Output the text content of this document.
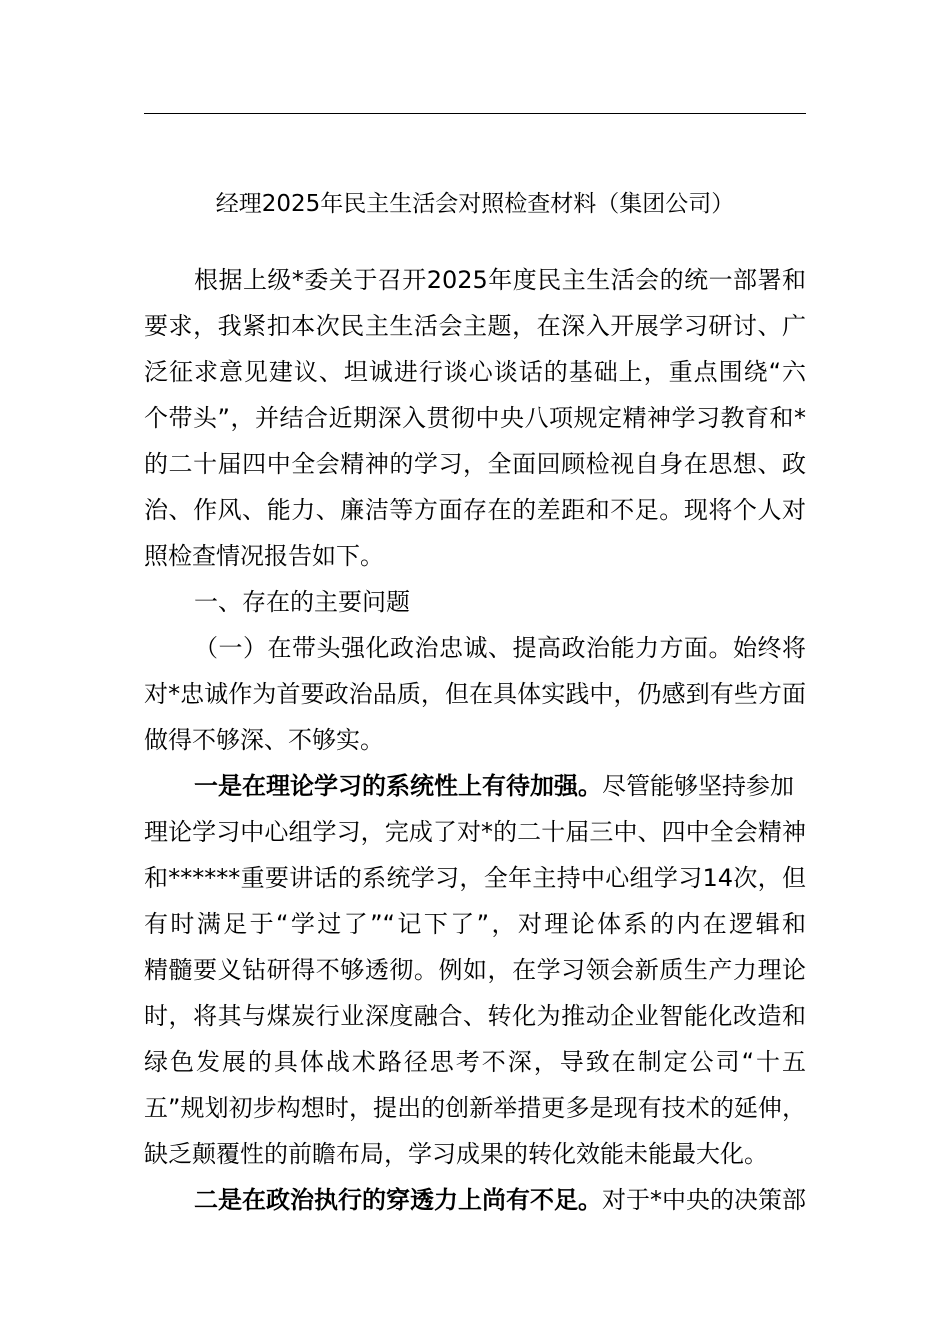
经理2025年民主生活会对照检查材料（集团公司）
根据上级*委关于召开2025年度民主生活会的统一部署和
要求，我紧扣本次民主生活会主题，在深入开展学习研讨、广
泛征求意见建议、坦诚进行谈心谈话的基础上，重点围绕“六
个带头”，并结合近期深入贯彻中央八项规定精神学习教育和*
的二十届四中全会精神的学习，全面回顾检视自身在思想、政
治、作风、能力、廉洁等方面存在的差距和不足。现将个人对
照检查情况报告如下。
一、存在的主要问题
（一）在带头强化政治忠诚、提高政治能力方面。始终将
对*忠诚作为首要政治品质，但在具体实践中，仍感到有些方面
做得不够深、不够实。
一是在理论学习的系统性上有待加强。尽管能够坚持参加
理论学习中心组学习，完成了对*的二十届三中、四中全会精神
和******重要讲话的系统学习，全年主持中心组学习14次，但
有时满足于“学过了”“记下了”，对理论体系的内在逻辑和
精髓要义钻研得不够透彻。例如，在学习领会新质生产力理论
时，将其与煤炭行业深度融合、转化为推动企业智能化改造和
绿色发展的具体战术路径思考不深，导致在制定公司“十五
五”规划初步构想时，提出的创新举措更多是现有技术的延伸，
缺乏颠覆性的前瞻布局，学习成果的转化效能未能最大化。
二是在政治执行的穿透力上尚有不足。对于*中央的决策部
